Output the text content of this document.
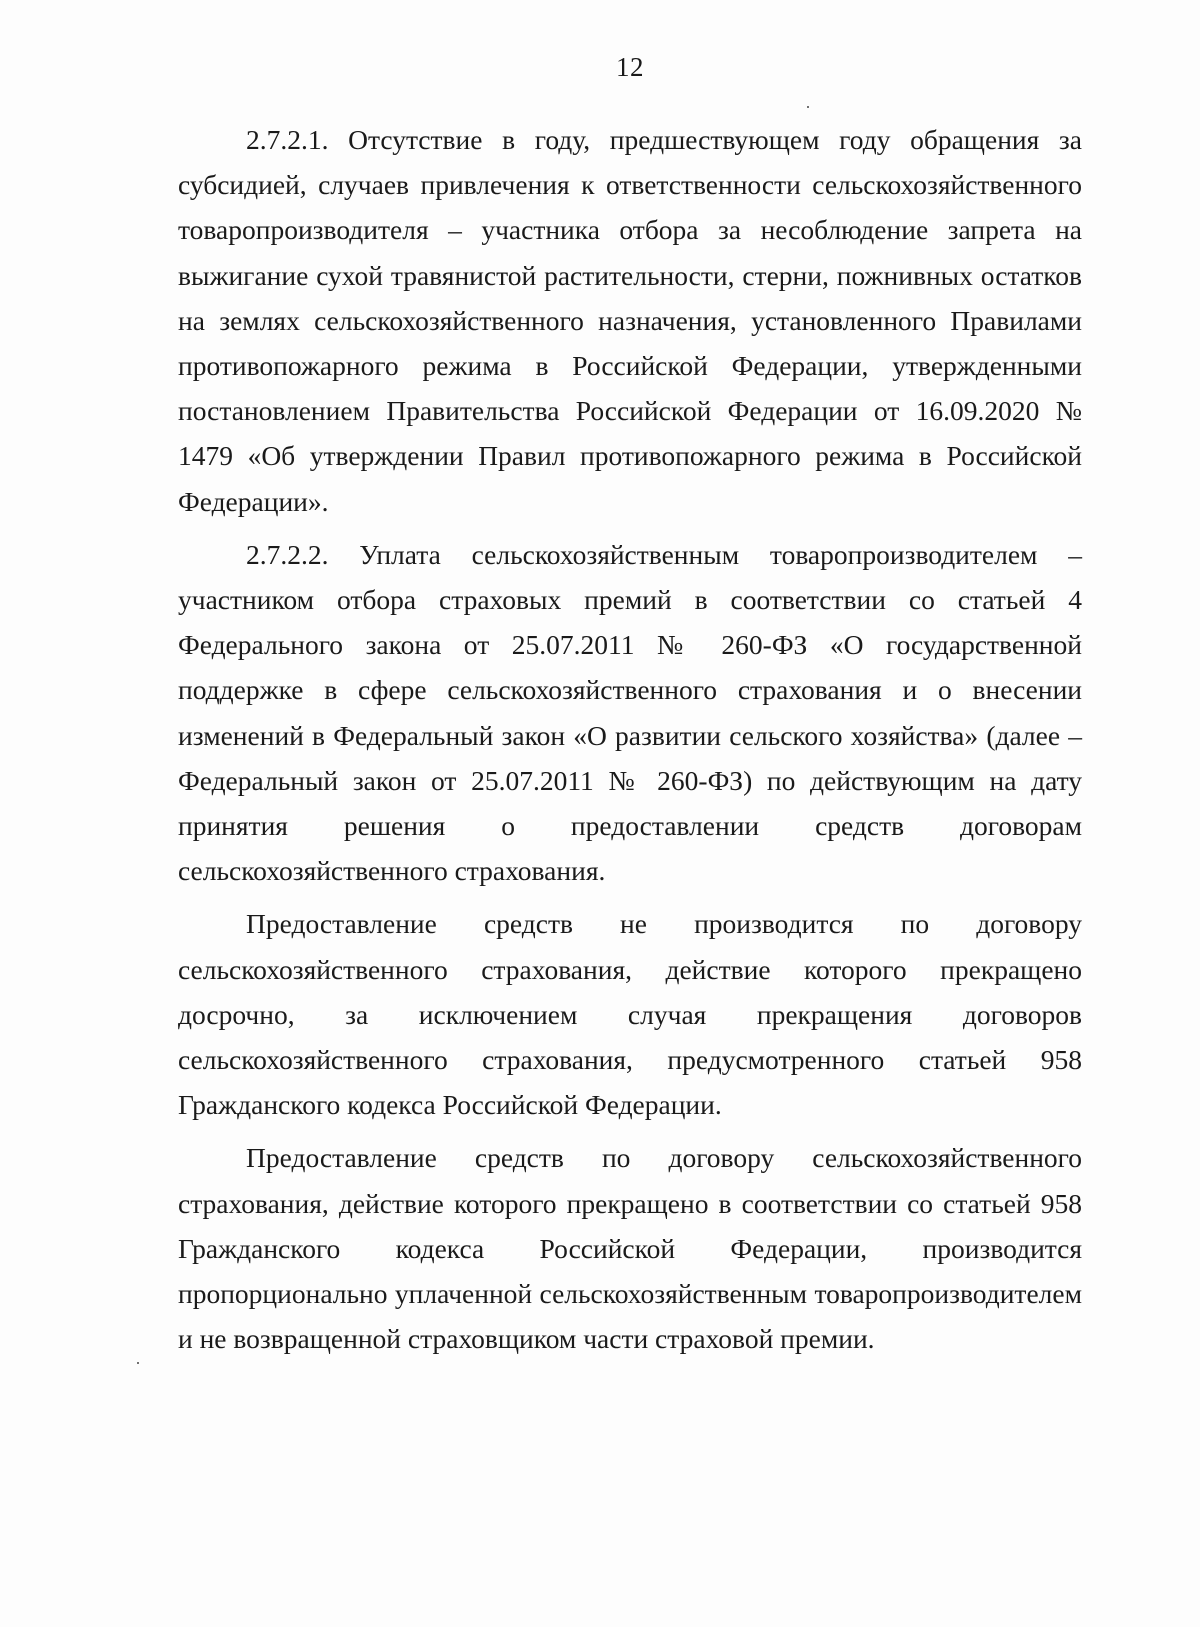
12

2.7.2.1. Отсутствие в году, предшествующем году обращения за субсидией, случаев привлечения к ответственности сельскохозяйственного товаропроизводителя – участника отбора за несоблюдение запрета на выжигание сухой травянистой растительности, стерни, пожнивных остатков на землях сельскохозяйственного назначения, установленного Правилами противопожарного режима в Российской Федерации, утвержденными постановлением Правительства Российской Федерации от 16.09.2020 № 1479 «Об утверждении Правил противопожарного режима в Российской Федерации».

2.7.2.2. Уплата сельскохозяйственным товаропроизводителем – участником отбора страховых премий в соответствии со статьей 4 Федерального закона от 25.07.2011 № 260-ФЗ «О государственной поддержке в сфере сельскохозяйственного страхования и о внесении изменений в Федеральный закон «О развитии сельского хозяйства» (далее – Федеральный закон от 25.07.2011 № 260-ФЗ) по действующим на дату принятия решения о предоставлении средств договорам сельскохозяйственного страхования.

Предоставление средств не производится по договору сельскохозяйственного страхования, действие которого прекращено досрочно, за исключением случая прекращения договоров сельскохозяйственного страхования, предусмотренного статьей 958 Гражданского кодекса Российской Федерации.

Предоставление средств по договору сельскохозяйственного страхования, действие которого прекращено в соответствии со статьей 958 Гражданского кодекса Российской Федерации, производится пропорционально уплаченной сельскохозяйственным товаропроизводителем и не возвращенной страховщиком части страховой премии.
